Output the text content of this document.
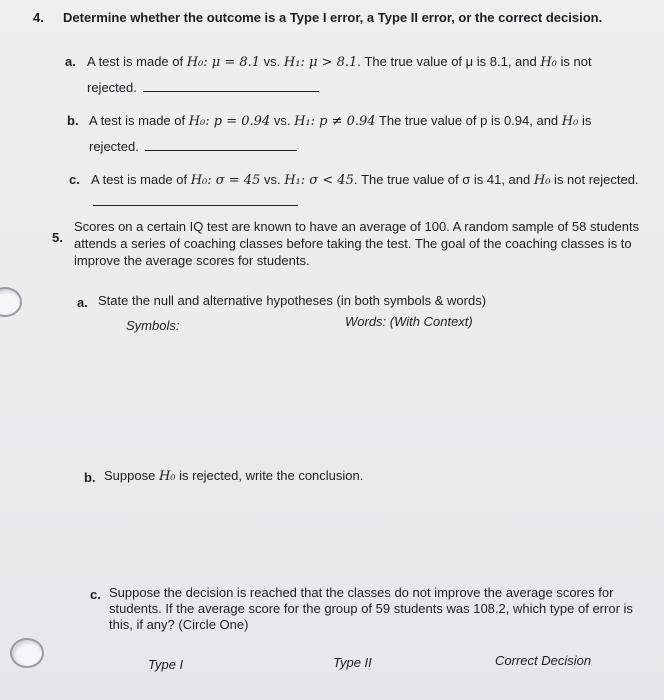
4. Determine whether the outcome is a Type I error, a Type II error, or the correct decision.
a. A test is made of H₀: μ = 8.1 vs. H₁: μ > 8.1. The true value of μ is 8.1, and H₀ is not
rejected.
b. A test is made of H₀: p = 0.94 vs. H₁: p ≠ 0.94 The true value of p is 0.94, and H₀ is
rejected.
c. A test is made of H₀: σ = 45 vs. H₁: σ < 45. The true value of σ is 41, and H₀ is not rejected.
5.
Scores on a certain IQ test are known to have an average of 100. A random sample of 58 students
attends a series of coaching classes before taking the test. The goal of the coaching classes is to
improve the average scores for students.
a. State the null and alternative hypotheses (in both symbols & words)
Symbols:	Words: (With Context)
b. Suppose H₀ is rejected, write the conclusion.
c. Suppose the decision is reached that the classes do not improve the average scores for
students. If the average score for the group of 59 students was 108.2, which type of error is
this, if any? (Circle One)
Type I	Type II	Correct Decision
